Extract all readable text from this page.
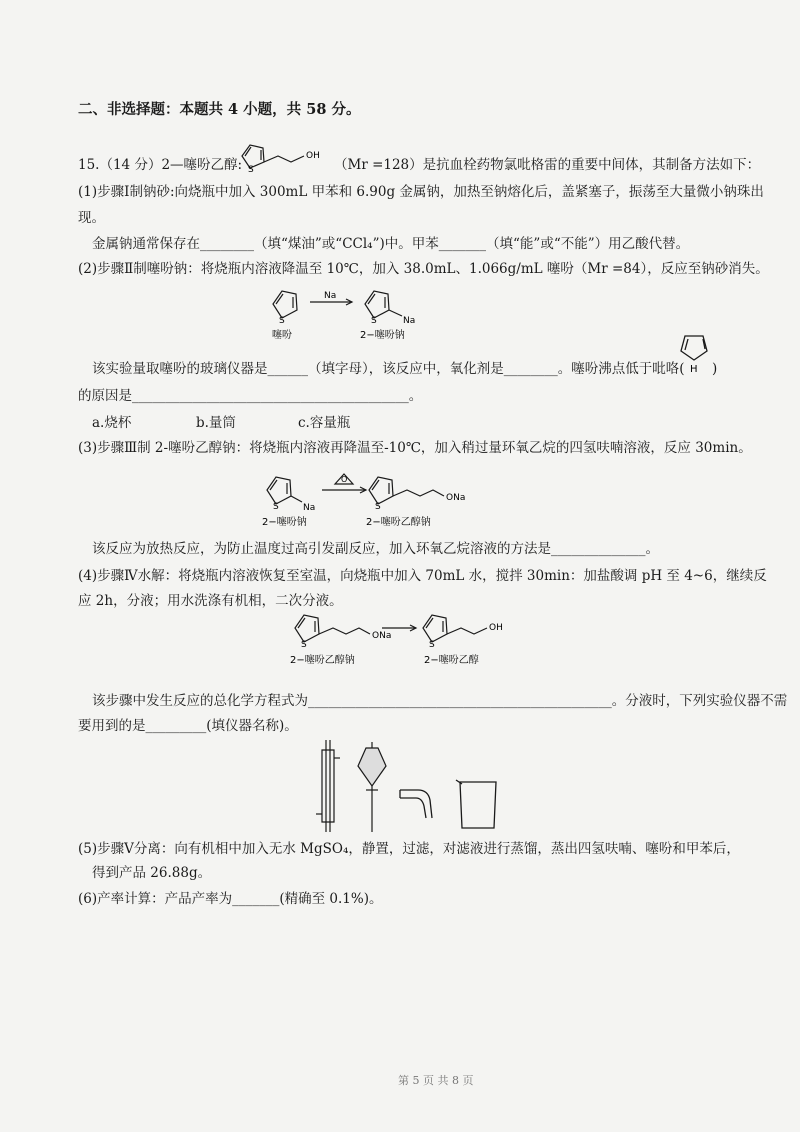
二、非选择题：本题共 4 小题，共 58 分。
15.（14 分）2—噻吩乙醇: S
OH
（Mr =128）是抗血栓药物氯吡格雷的重要中间体，其制备方法如下：
(1)步骤Ⅰ制钠砂:向烧瓶中加入 300mL 甲苯和 6.90g 金属钠，加热至钠熔化后，盖紧塞子，振荡至大量微小钠珠出
现。
金属钠通常保存在________（填“煤油”或“CCl₄”)中。甲苯_______（填“能”或“不能”）用乙酸代替。
(2)步骤Ⅱ制噻吩钠：将烧瓶内溶液降温至 10℃，加入 38.0mL、1.066g/mL 噻吩（Mr =84），反应至钠砂消失。
S
Na
S	Na
噻吩	2−噻吩钠
该实验量取噻吩的玻璃仪器是______（填字母），该反应中，氧化剂是________。噻吩沸点低于吡咯( H )
的原因是_________________________________________。
a.烧杯	b.量筒	c.容量瓶
(3)步骤Ⅲ制 2-噻吩乙醇钠：将烧瓶内溶液再降温至-10℃，加入稍过量环氧乙烷的四氢呋喃溶液，反应 30min。
S	Na
O
S
ONa
2−噻吩钠	2−噻吩乙醇钠
该反应为放热反应，为防止温度过高引发副反应，加入环氧乙烷溶液的方法是______________。
(4)步骤Ⅳ水解：将烧瓶内溶液恢复至室温，向烧瓶中加入 70mL 水，搅拌 30min：加盐酸调 pH 至 4~6，继续反
应 2h，分液；用水洗涤有机相，二次分液。
S
ONa
S
OH
2−噻吩乙醇钠	2−噻吩乙醇
该步骤中发生反应的总化学方程式为_____________________________________________。分液时，下列实验仪器不需
要用到的是_________(填仪器名称)。
(5)步骤Ⅴ分离：向有机相中加入无水 MgSO₄，静置，过滤，对滤液进行蒸馏，蒸出四氢呋喃、噻吩和甲苯后，
得到产品 26.88g。
(6)产率计算：产品产率为_______(精确至 0.1%)。
第 5 页 共 8 页
